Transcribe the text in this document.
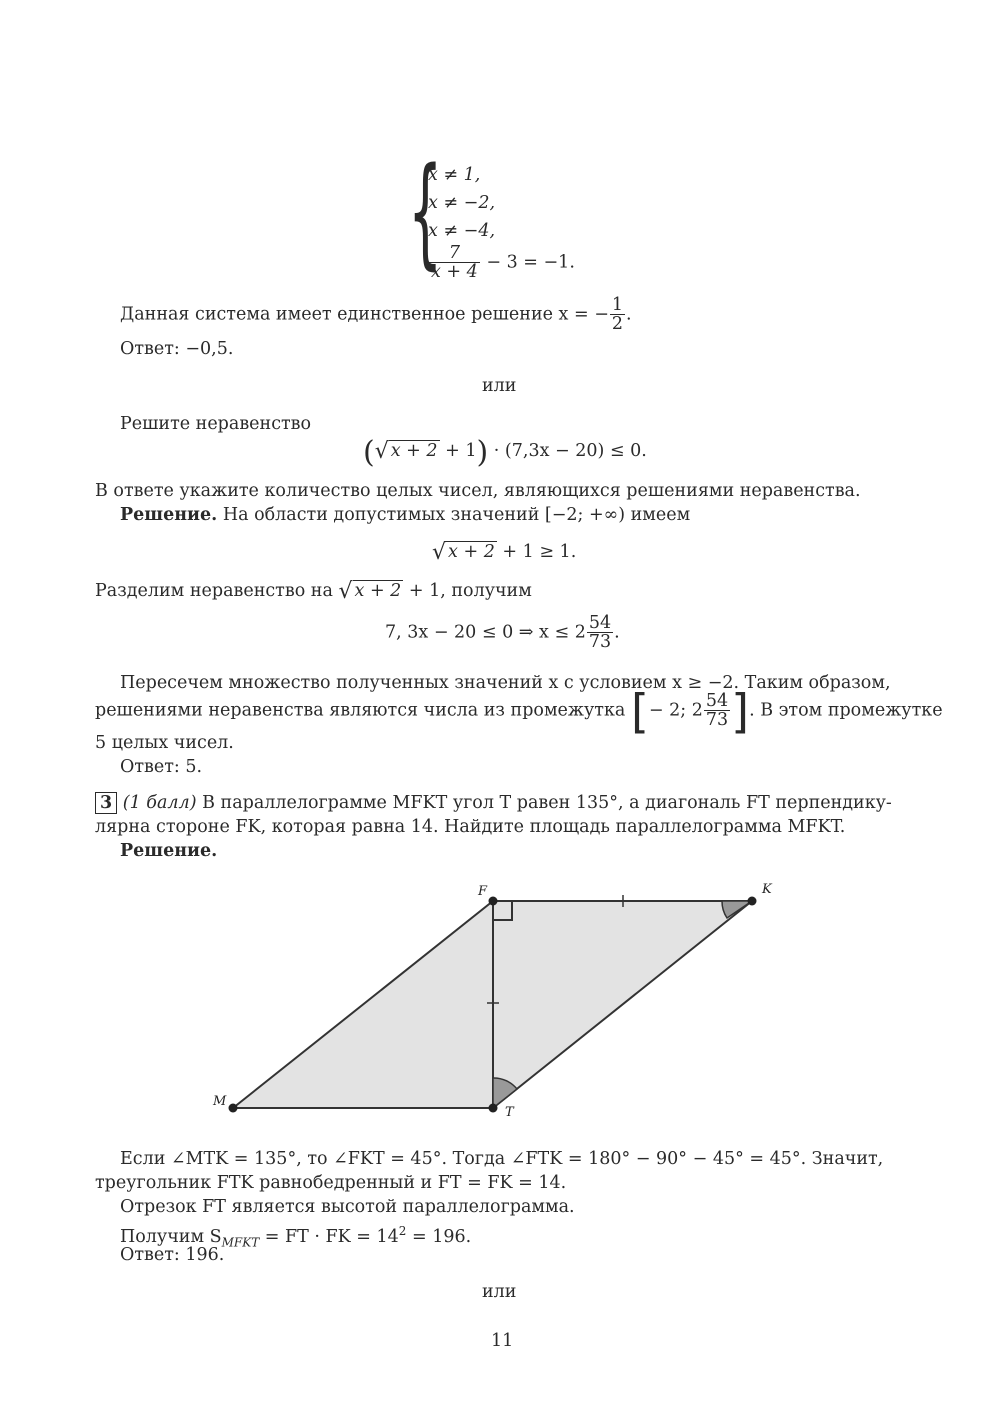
{
x ≠ 1,
x ≠ −2,
x ≠ −4,
$\frac{7}{x + 4} - 3 = -1$.
Данная система имеет единственное решение x = − $\frac{1}{2}$ .
Ответ: −0,5.
или
Решите неравенство
(√ x + 2 + 1) · (7,3x − 20) ≤ 0.
В ответе укажите количество целых чисел, являющихся решениями неравенства.
Решение. На области допустимых значений [−2; +∞) имеем
√ x + 2 + 1 ≥ 1.
Разделим неравенство на √ x + 2 + 1, получим
7, 3x − 20 ≤ 0 ⇒ $x \le 2 \frac{54}{73}$ .
Пересечем множество полученных значений x с условием x ≥ −2. Таким образом,
решениями неравенства являются числа из промежутка [− 2; $2 \frac{54}{73}$ ]. В этом промежутке
5 целых чисел.
Ответ: 5.
3 (1 балл) В параллелограмме MFKT угол T равен 135°, а диагональ FT перпендику-
лярна стороне FK, которая равна 14. Найдите площадь параллелограмма MFKT.
Решение.
F	K
M
T
Если ∠MTK = 135°, то ∠FKT = 45°. Тогда ∠FTK = 180° − 90° − 45° = 45°. Значит,
треугольник FTK равнобедренный и FT = FK = 14.
Отрезок FT является высотой параллелограмма.
Получим $S_{MFKT}$ = FT · FK = $14^2 = 196$.
Ответ: 196.
или
11
